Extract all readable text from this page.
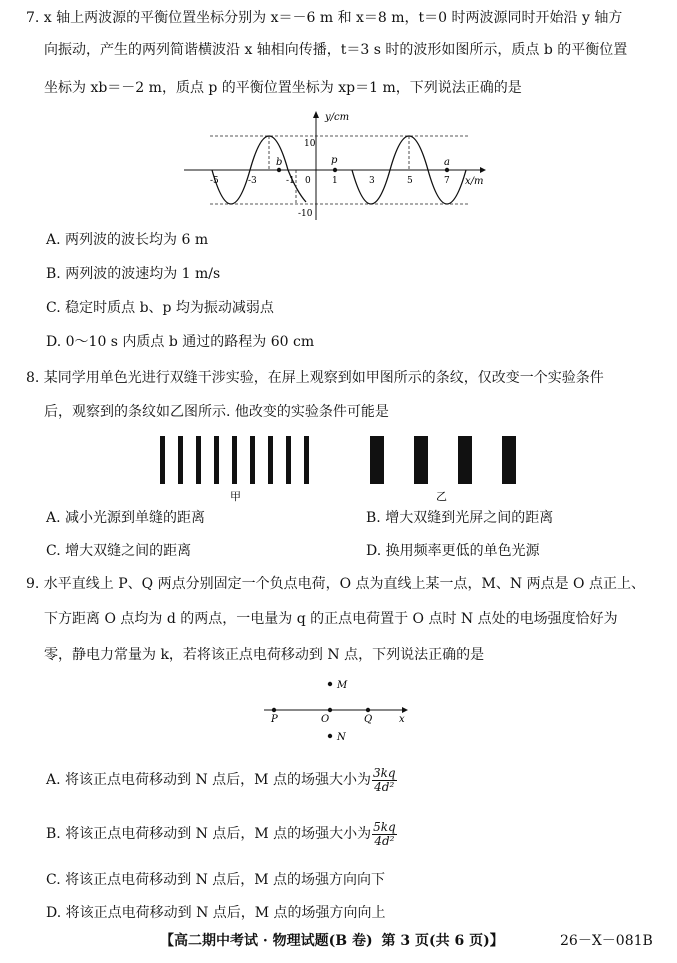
7. x 轴上两波源的平衡位置坐标分别为 x＝－6 m 和 x＝8 m，t＝0 时两波源同时开始沿 y 轴方
向振动，产生的两列简谐横波沿 x 轴相向传播，t＝3 s 时的波形如图所示，质点 b 的平衡位置
坐标为 xb＝－2 m，质点 p 的平衡位置坐标为 xp＝1 m，下列说法正确的是
y/cm
x/m
10
-10
0
b	p	a
-5	-3	-1	1	3	5	7
A. 两列波的波长均为 6 m
B. 两列波的波速均为 1 m/s
C. 稳定时质点 b、p 均为振动减弱点
D. 0～10 s 内质点 b 通过的路程为 60 cm
8. 某同学用单色光进行双缝干涉实验，在屏上观察到如甲图所示的条纹，仅改变一个实验条件
后，观察到的条纹如乙图所示. 他改变的实验条件可能是
甲	乙
A. 减小光源到单缝的距离	B. 增大双缝到光屏之间的距离
C. 增大双缝之间的距离	D. 换用频率更低的单色光源
9. 水平直线上 P、Q 两点分别固定一个负点电荷，O 点为直线上某一点，M、N 两点是 O 点正上、
下方距离 O 点均为 d 的两点，一电量为 q 的正点电荷置于 O 点时 N 点处的电场强度恰好为
零，静电力常量为 k，若将该正点电荷移动到 N 点，下列说法正确的是
M
N
P	O	Q	x
A. 将该正点电荷移动到 N 点后，M 点的场强大小为 $\frac{3kq}{\text{4d²}}$
B. 将该正点电荷移动到 N 点后，M 点的场强大小为 $\frac{5kq}{\text{4d²}}$
C. 将该正点电荷移动到 N 点后，M 点的场强方向向下
D. 将该正点电荷移动到 N 点后，M 点的场强方向向上
【高二期中考试 · 物理试题(B 卷) 第 3 页(共 6 页)】	26－X－081B
